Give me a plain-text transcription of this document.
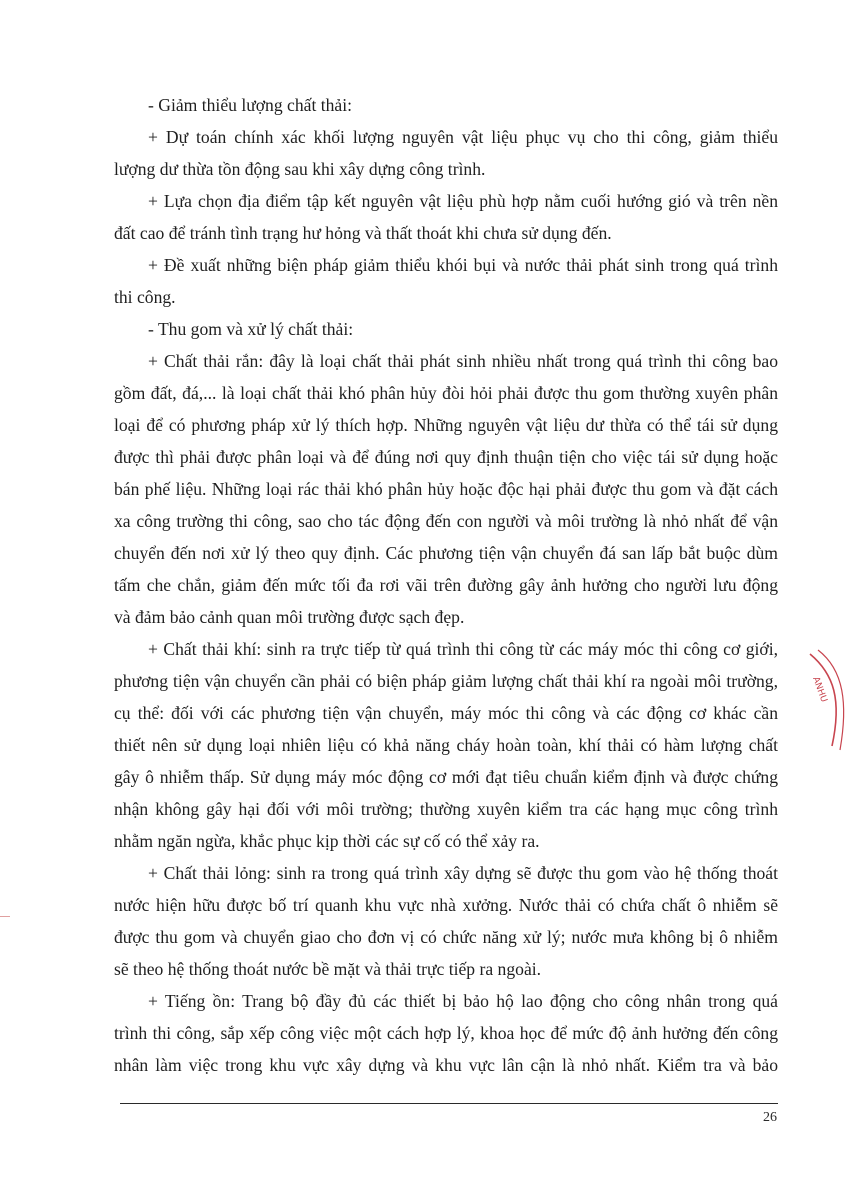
- Giảm thiểu lượng chất thải:
+ Dự toán chính xác khối lượng nguyên vật liệu phục vụ cho thi công, giảm thiểu
lượng dư thừa tồn động sau khi xây dựng công trình.
+ Lựa chọn địa điểm tập kết nguyên vật liệu phù hợp nằm cuối hướng gió và trên nền
đất cao để tránh tình trạng hư hỏng và thất thoát khi chưa sử dụng đến.
+ Đề xuất những biện pháp giảm thiểu khói bụi và nước thải phát sinh trong quá trình
thi công.
- Thu gom và xử lý chất thải:
+ Chất thải rắn: đây là loại chất thải phát sinh nhiều nhất trong quá trình thi công bao
gồm đất, đá,... là loại chất thải khó phân hủy đòi hỏi phải được thu gom thường xuyên phân
loại để có phương pháp xử lý thích hợp. Những nguyên vật liệu dư thừa có thể tái sử dụng
được thì phải được phân loại và để đúng nơi quy định thuận tiện cho việc tái sử dụng hoặc
bán phế liệu. Những loại rác thải khó phân hủy hoặc độc hại phải được thu gom và đặt cách
xa công trường thi công, sao cho tác động đến con người và môi trường là nhỏ nhất để vận
chuyển đến nơi xử lý theo quy định. Các phương tiện vận chuyển đá san lấp bắt buộc dùm
tấm che chắn, giảm đến mức tối đa rơi vãi trên đường gây ảnh hưởng cho người lưu động
và đảm bảo cảnh quan môi trường được sạch đẹp.
+ Chất thải khí: sinh ra trực tiếp từ quá trình thi công từ các máy móc thi công cơ giới,
phương tiện vận chuyển cần phải có biện pháp giảm lượng chất thải khí ra ngoài môi trường,
cụ thể: đối với các phương tiện vận chuyển, máy móc thi công và các động cơ khác cần
thiết nên sử dụng loại nhiên liệu có khả năng cháy hoàn toàn, khí thải có hàm lượng chất
gây ô nhiễm thấp. Sử dụng máy móc động cơ mới đạt tiêu chuẩn kiểm định và được chứng
nhận không gây hại đối với môi trường; thường xuyên kiểm tra các hạng mục công trình
nhằm ngăn ngừa, khắc phục kịp thời các sự cố có thể xảy ra.
+ Chất thải lỏng: sinh ra trong quá trình xây dựng sẽ được thu gom vào hệ thống thoát
nước hiện hữu được bố trí quanh khu vực nhà xưởng. Nước thải có chứa chất ô nhiễm sẽ
được thu gom và chuyển giao cho đơn vị có chức năng xử lý; nước mưa không bị ô nhiễm
sẽ theo hệ thống thoát nước bề mặt và thải trực tiếp ra ngoài.
+ Tiếng ồn: Trang bộ đầy đủ các thiết bị bảo hộ lao động cho công nhân trong quá
trình thi công, sắp xếp công việc một cách hợp lý, khoa học để mức độ ảnh hưởng đến công
nhân làm việc trong khu vực xây dựng và khu vực lân cận là nhỏ nhất. Kiểm tra và bảo
26
ANHU
